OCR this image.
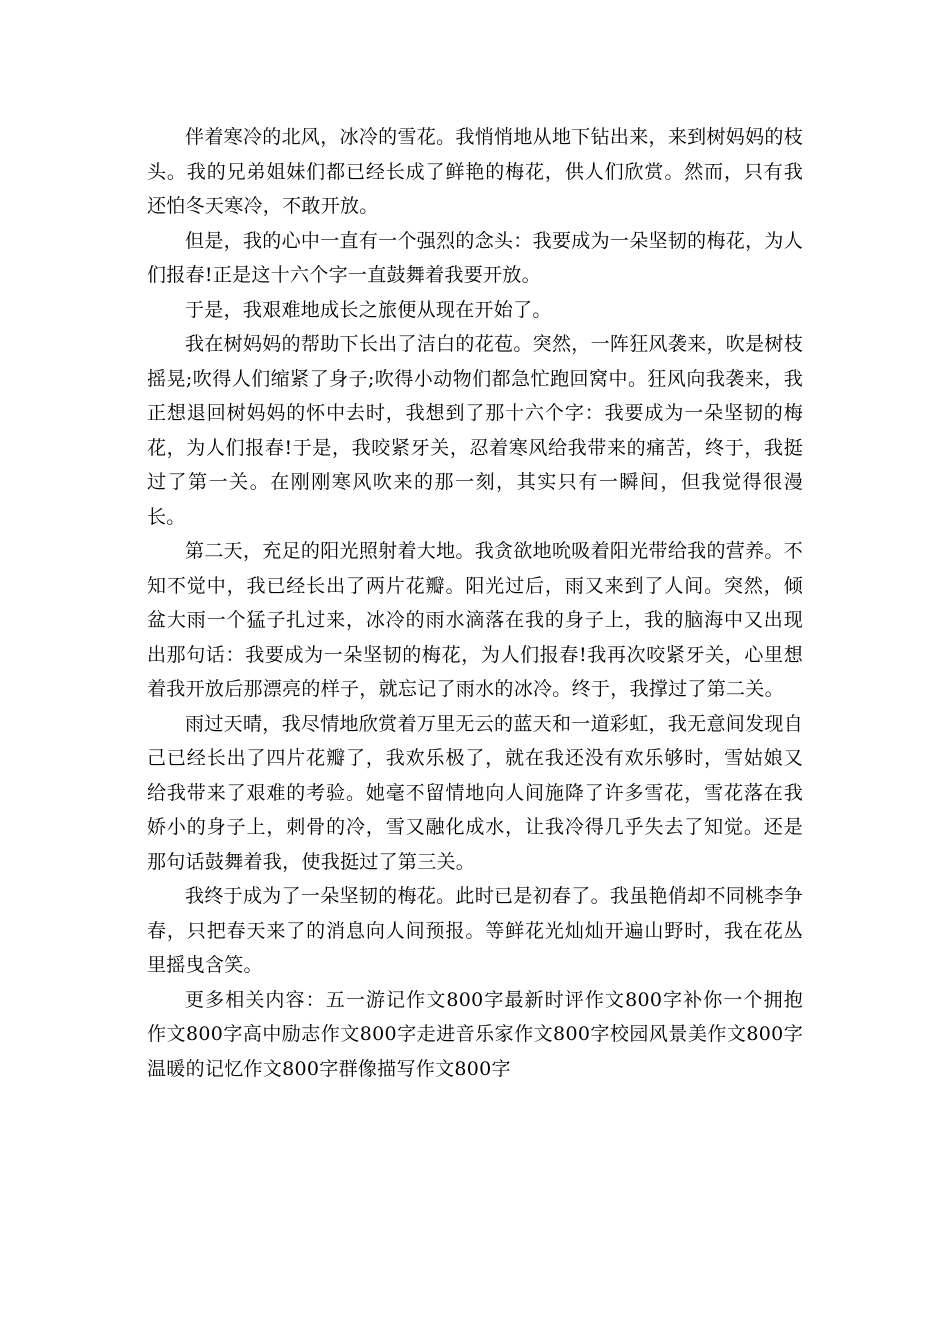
伴着寒冷的北风，冰冷的雪花。我悄悄地从地下钻出来，来到树妈妈的枝头。我的兄弟姐妹们都已经长成了鲜艳的梅花，供人们欣赏。然而，只有我还怕冬天寒冷，不敢开放。

但是，我的心中一直有一个强烈的念头：我要成为一朵坚韧的梅花，为人们报春!正是这十六个字一直鼓舞着我要开放。

于是，我艰难地成长之旅便从现在开始了。

我在树妈妈的帮助下长出了洁白的花苞。突然，一阵狂风袭来，吹是树枝摇晃;吹得人们缩紧了身子;吹得小动物们都急忙跑回窝中。狂风向我袭来，我正想退回树妈妈的怀中去时，我想到了那十六个字：我要成为一朵坚韧的梅花，为人们报春!于是，我咬紧牙关，忍着寒风给我带来的痛苦，终于，我挺过了第一关。在刚刚寒风吹来的那一刻，其实只有一瞬间，但我觉得很漫长。

第二天，充足的阳光照射着大地。我贪欲地吮吸着阳光带给我的营养。不知不觉中，我已经长出了两片花瓣。阳光过后，雨又来到了人间。突然，倾盆大雨一个猛子扎过来，冰冷的雨水滴落在我的身子上，我的脑海中又出现出那句话：我要成为一朵坚韧的梅花，为人们报春!我再次咬紧牙关，心里想着我开放后那漂亮的样子，就忘记了雨水的冰冷。终于，我撑过了第二关。

雨过天晴，我尽情地欣赏着万里无云的蓝天和一道彩虹，我无意间发现自己已经长出了四片花瓣了，我欢乐极了，就在我还没有欢乐够时，雪姑娘又给我带来了艰难的考验。她毫不留情地向人间施降了许多雪花，雪花落在我娇小的身子上，刺骨的冷，雪又融化成水，让我冷得几乎失去了知觉。还是那句话鼓舞着我，使我挺过了第三关。

我终于成为了一朵坚韧的梅花。此时已是初春了。我虽艳俏却不同桃李争春，只把春天来了的消息向人间预报。等鲜花光灿灿开遍山野时，我在花丛里摇曳含笑。

更多相关内容：五一游记作文800字最新时评作文800字补你一个拥抱 作文800字高中励志作文800字走进音乐家作文800字校园风景美作文800字温暖的记忆作文800字群像描写作文800字
